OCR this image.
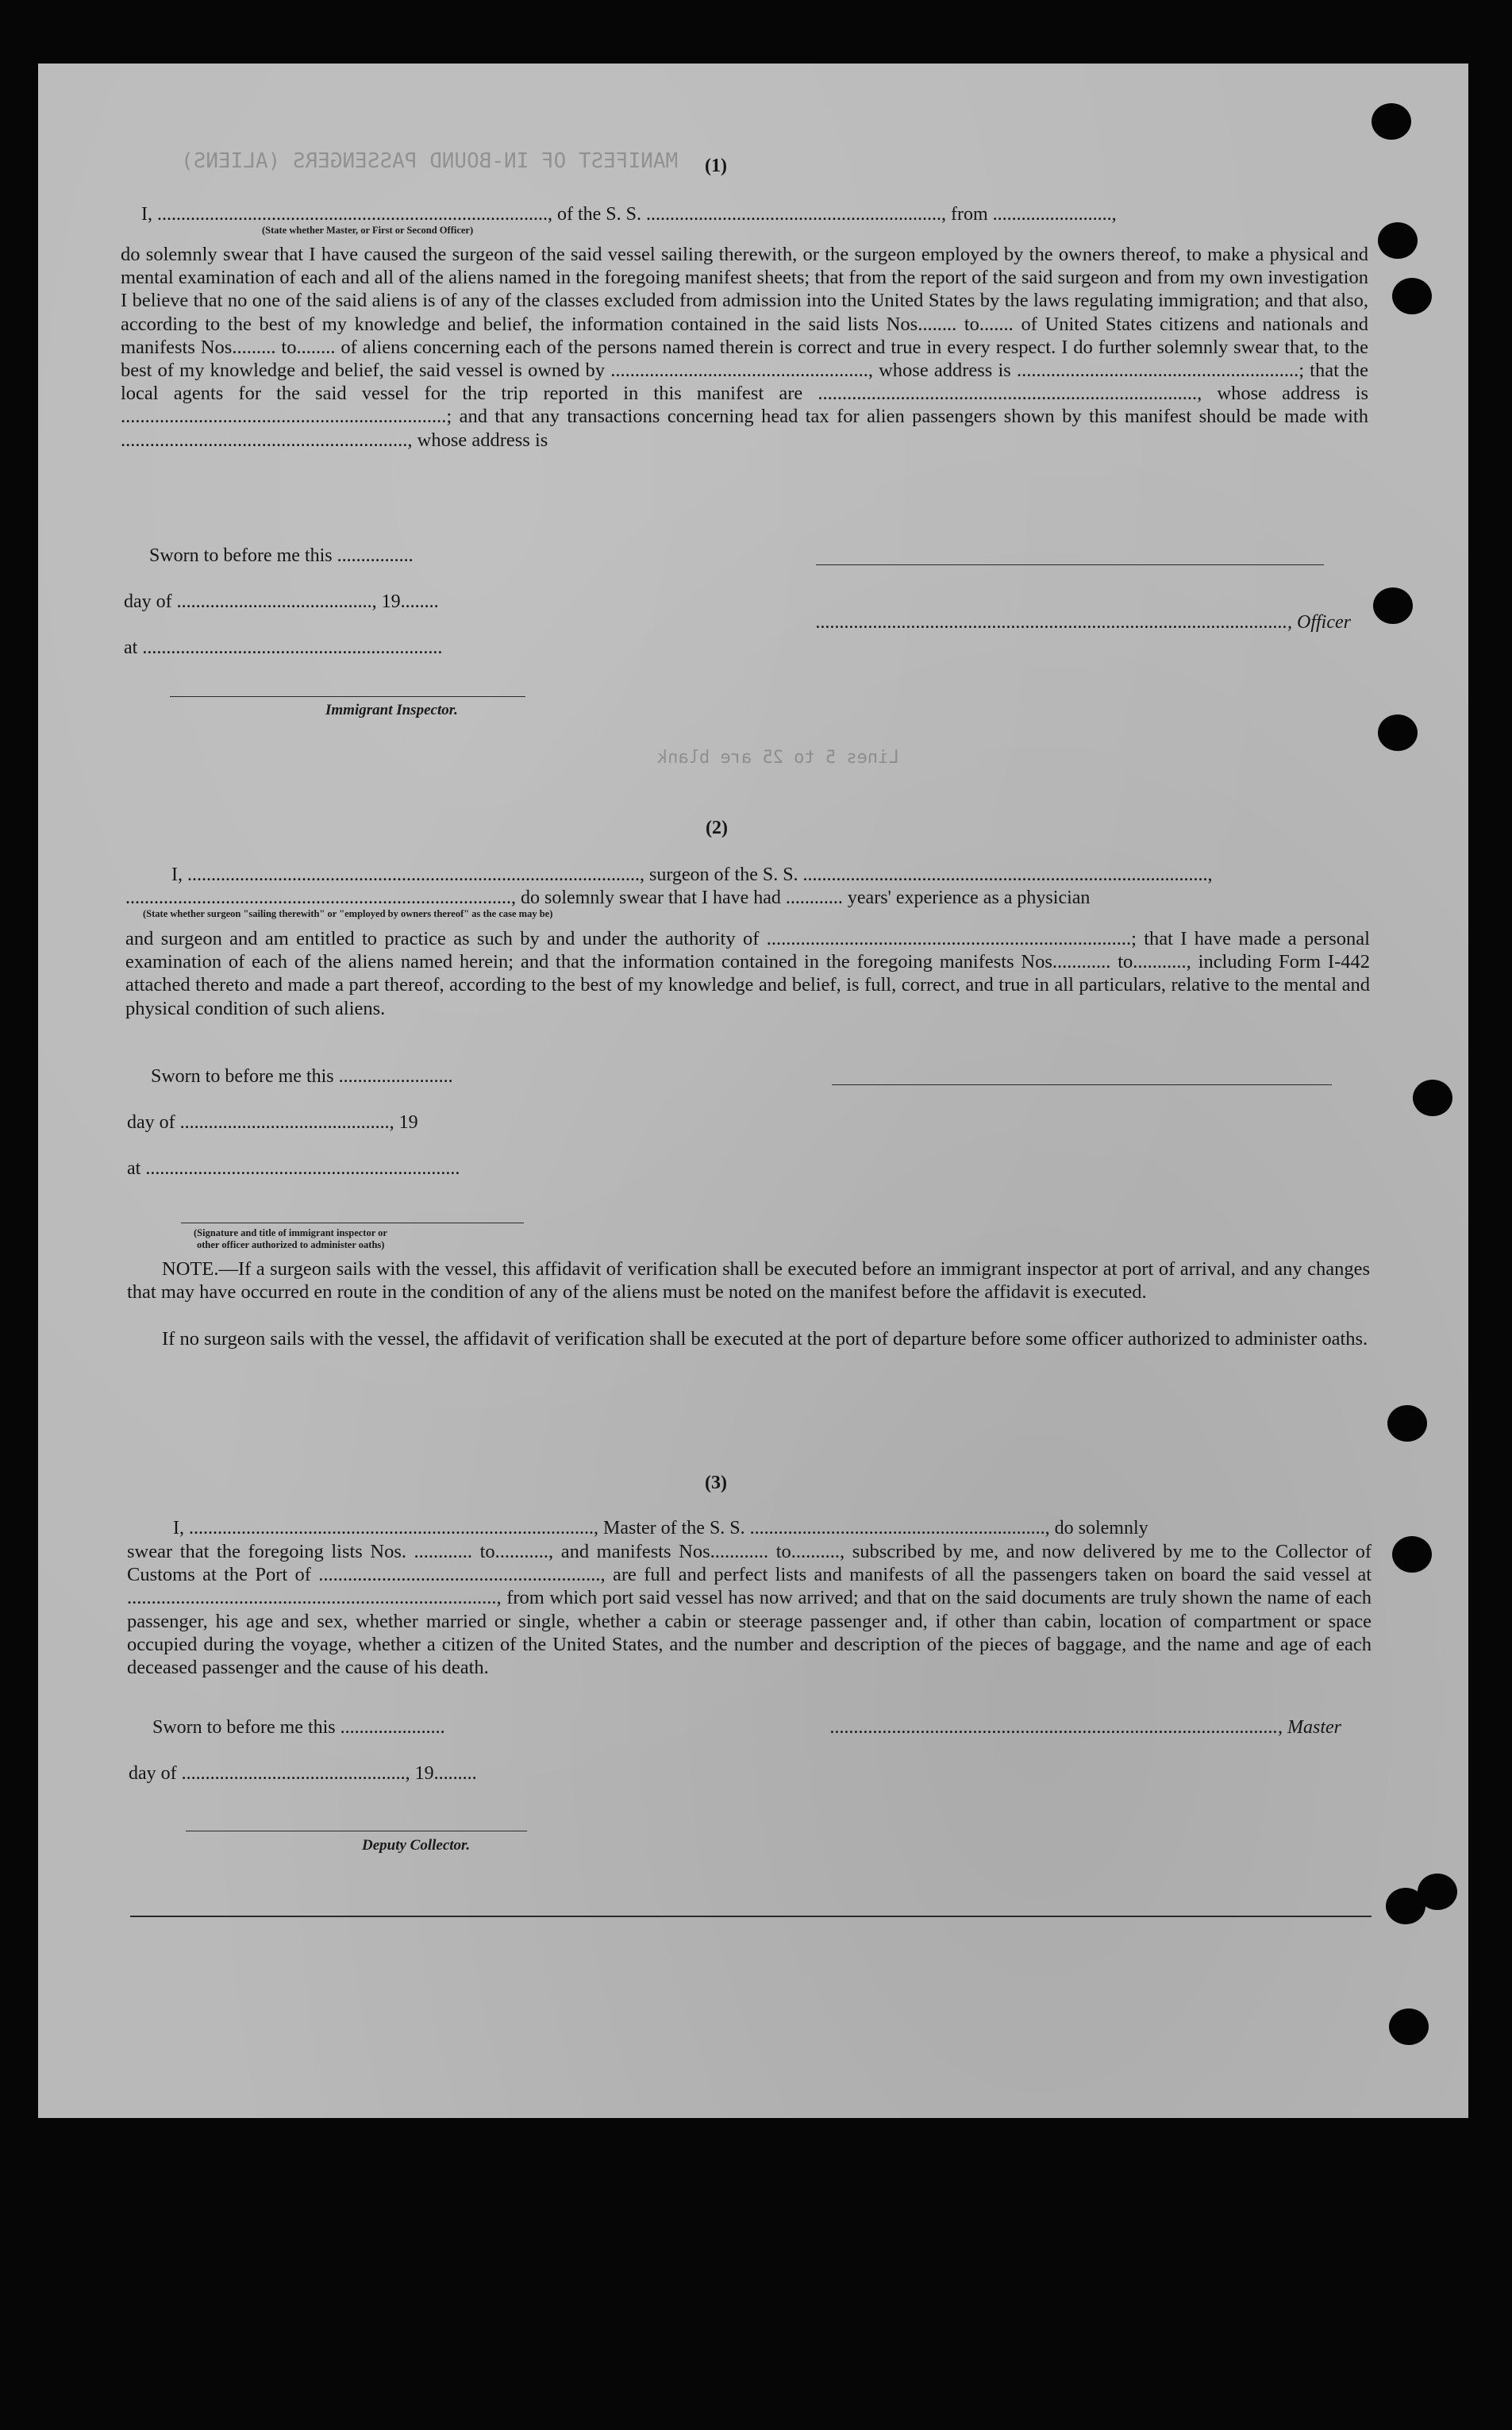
MANIFEST OF IN-BOUND PASSENGERS (ALIENS)
Lines 5 to 25 are blank
(1)
I, .................................................................................., of the S. S. .............................................................., from .........................,
(State whether Master, or First or Second Officer)
do solemnly swear that I have caused the surgeon of the said vessel sailing therewith, or the surgeon employed by the owners thereof, to make a physical and mental examination of each and all of the aliens named in the foregoing manifest sheets; that from the report of the said surgeon and from my own investigation I believe that no one of the said aliens is of any of the classes excluded from admission into the United States by the laws regulating immigration; and that also, according to the best of my knowledge and belief, the information contained in the said lists Nos........ to....... of United States citizens and nationals and manifests Nos......... to........ of aliens concerning each of the persons named therein is correct and true in every respect. I do further solemnly swear that, to the best of my knowledge and belief, the said vessel is owned by ....................................................., whose address is ..........................................................; that the local agents for the said vessel for the trip reported in this manifest are .............................................................................., whose address is ...................................................................; and that any transactions concerning head tax for alien passengers shown by this manifest should be made with ..........................................................., whose address is
Sworn to before me this ................
day of ........................................., 19........
at ...............................................................
Immigrant Inspector.
..................................................................................................., Officer
(2)
I, ..............................................................................................., surgeon of the S. S. .....................................................................................,
................................................................................., do solemnly swear that I have had ............ years' experience as a physician
(State whether surgeon "sailing therewith" or "employed by owners thereof" as the case may be)
and surgeon and am entitled to practice as such by and under the authority of ...........................................................................; that I have made a personal examination of each of the aliens named herein; and that the information contained in the foregoing manifests Nos............ to..........., including Form I-442 attached thereto and made a part thereof, according to the best of my knowledge and belief, is full, correct, and true in all particulars, relative to the mental and physical condition of such aliens.
Sworn to before me this ........................
day of ............................................, 19
at ..................................................................
(Signature and title of immigrant inspector or
other officer authorized to administer oaths)
NOTE.—If a surgeon sails with the vessel, this affidavit of verification shall be executed before an immigrant inspector at port of arrival, and any changes that may have occurred en route in the condition of any of the aliens must be noted on the manifest before the affidavit is executed.
If no surgeon sails with the vessel, the affidavit of verification shall be executed at the port of departure before some officer authorized to administer oaths.
(3)
I, ....................................................................................., Master of the S. S. .............................................................., do solemnly
swear that the foregoing lists Nos. ............ to..........., and manifests Nos............ to.........., subscribed by me, and now delivered by me to the Collector of Customs at the Port of .........................................................., are full and perfect lists and manifests of all the passengers taken on board the said vessel at ............................................................................, from which port said vessel has now arrived; and that on the said documents are truly shown the name of each passenger, his age and sex, whether married or single, whether a cabin or steerage passenger and, if other than cabin, location of compartment or space occupied during the voyage, whether a citizen of the United States, and the number and description of the pieces of baggage, and the name and age of each deceased passenger and the cause of his death.
Sworn to before me this ......................	.............................................................................................., Master
day of ..............................................., 19.........
Deputy Collector.
